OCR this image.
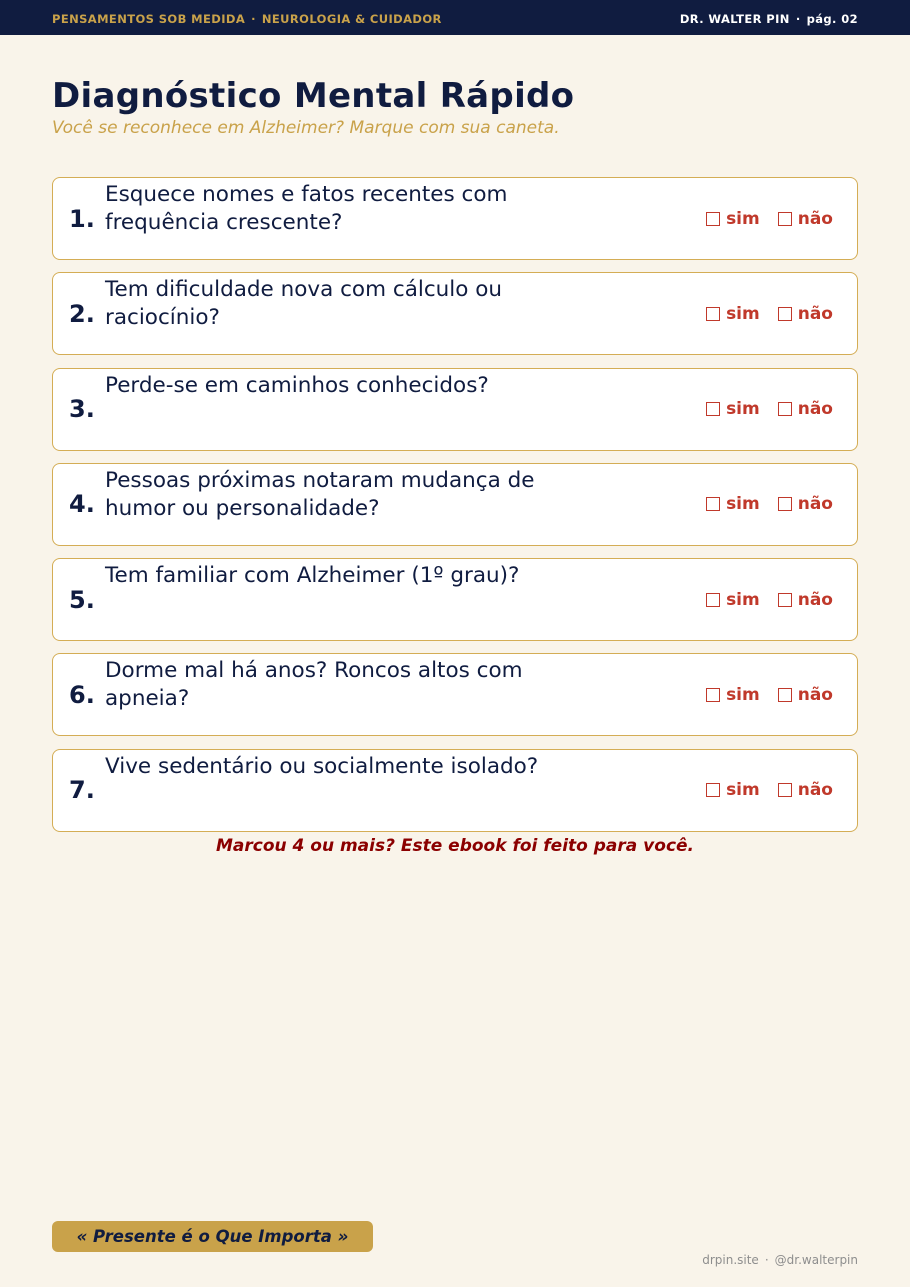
PENSAMENTOS SOB MEDIDA · NEUROLOGIA & CUIDADOR	DR. WALTER PIN · pág. 02
Diagnóstico Mental Rápido
Você se reconhece em Alzheimer? Marque com sua caneta.
1.
Esquece nomes e fatos recentes com frequência crescente?	sim não
2.
Tem dificuldade nova com cálculo ou raciocínio?	sim não
3.
Perde-se em caminhos conhecidos?
sim não
4.
Pessoas próximas notaram mudança de humor ou personalidade?	sim não
5.
Tem familiar com Alzheimer (1º grau)?
sim não
6.
Dorme mal há anos? Roncos altos com apneia?	sim não
7.
Vive sedentário ou socialmente isolado?
sim não
Marcou 4 ou mais? Este ebook foi feito para você.
« Presente é o Que Importa »
drpin.site · @dr.walterpin
